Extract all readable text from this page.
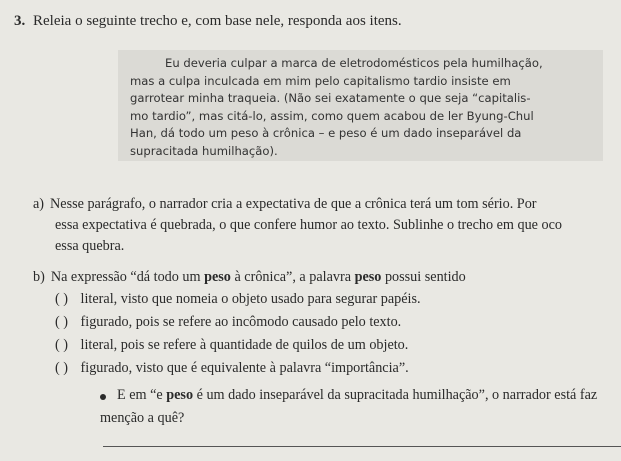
3. Releia o seguinte trecho e, com base nele, responda aos itens.
Eu deveria culpar a marca de eletrodomésticos pela humilhação,
mas a culpa inculcada em mim pelo capitalismo tardio insiste em
garrotear minha traqueia. (Não sei exatamente o que seja “capitalis-
mo tardio”, mas citá-lo, assim, como quem acabou de ler Byung-Chul
Han, dá todo um peso à crônica – e peso é um dado inseparável da
supracitada humilhação).
a) Nesse parágrafo, o narrador cria a expectativa de que a crônica terá um tom sério. Por
essa expectativa é quebrada, o que confere humor ao texto. Sublinhe o trecho em que oco
essa quebra.
b) Na expressão “dá todo um peso à crônica”, a palavra peso possui sentido
( ) literal, visto que nomeia o objeto usado para segurar papéis.
( ) figurado, pois se refere ao incômodo causado pelo texto.
( ) literal, pois se refere à quantidade de quilos de um objeto.
( ) figurado, visto que é equivalente à palavra “importância”.
E em “e peso é um dado inseparável da supracitada humilhação”, o narrador está faz
menção a quê?
